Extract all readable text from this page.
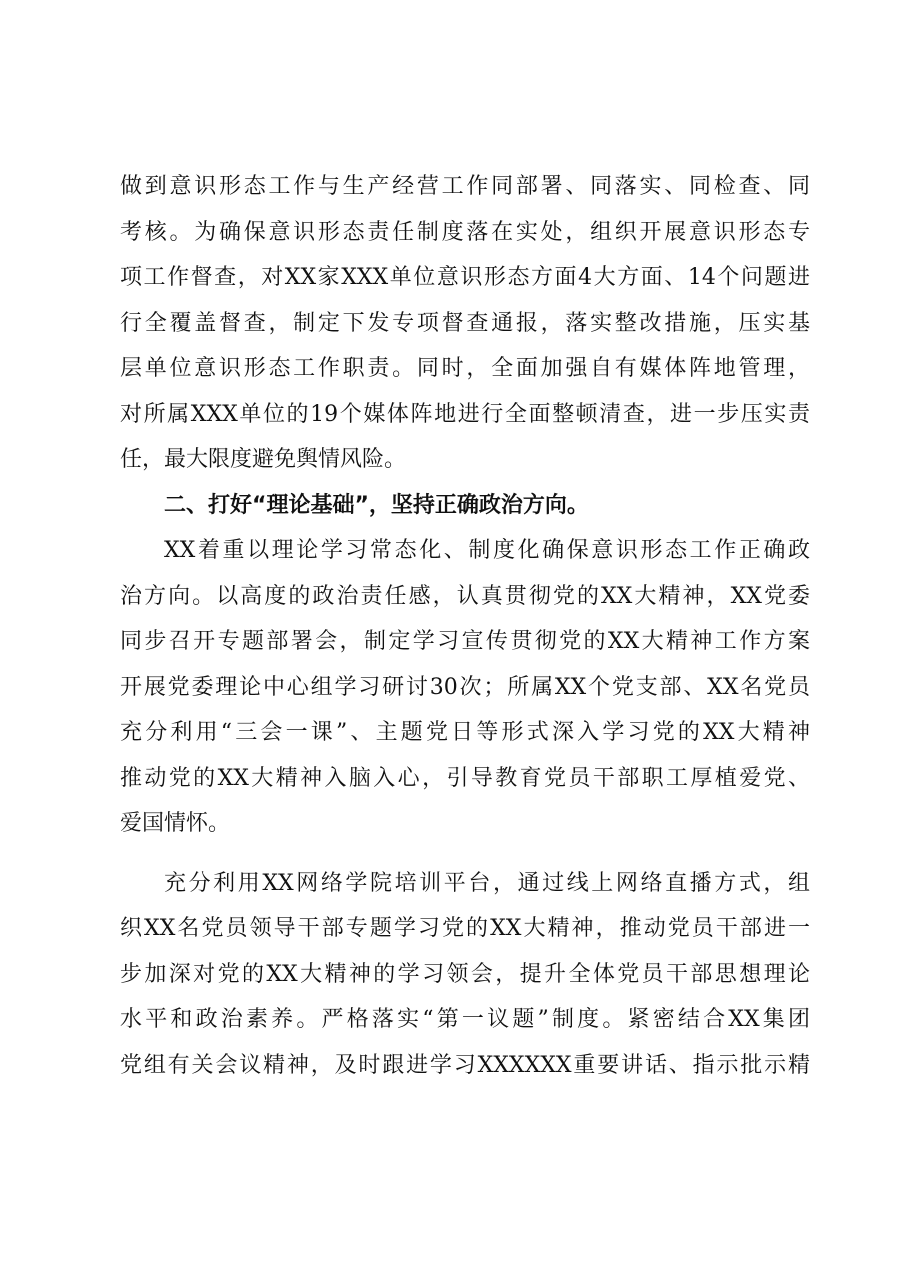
做到意识形态工作与生产经营工作同部署、同落实、同检查、同
考核。为确保意识形态责任制度落在实处，组织开展意识形态专
项工作督查，对XX家XXX单位意识形态方面4大方面、14个问题进
行全覆盖督查，制定下发专项督查通报，落实整改措施，压实基
层单位意识形态工作职责。同时，全面加强自有媒体阵地管理，
对所属XXX单位的19个媒体阵地进行全面整顿清查，进一步压实责
任，最大限度避免舆情风险。
二、打好“理论基础”，坚持正确政治方向。
XX着重以理论学习常态化、制度化确保意识形态工作正确政
治方向。以高度的政治责任感，认真贯彻党的XX大精神，XX党委
同步召开专题部署会，制定学习宣传贯彻党的XX大精神工作方案
开展党委理论中心组学习研讨30次；所属XX个党支部、XX名党员
充分利用“三会一课”、主题党日等形式深入学习党的XX大精神
推动党的XX大精神入脑入心，引导教育党员干部职工厚植爱党、
爱国情怀。
充分利用XX网络学院培训平台，通过线上网络直播方式，组
织XX名党员领导干部专题学习党的XX大精神，推动党员干部进一
步加深对党的XX大精神的学习领会，提升全体党员干部思想理论
水平和政治素养。严格落实“第一议题”制度。紧密结合XX集团
党组有关会议精神，及时跟进学习XXXXXX重要讲话、指示批示精
